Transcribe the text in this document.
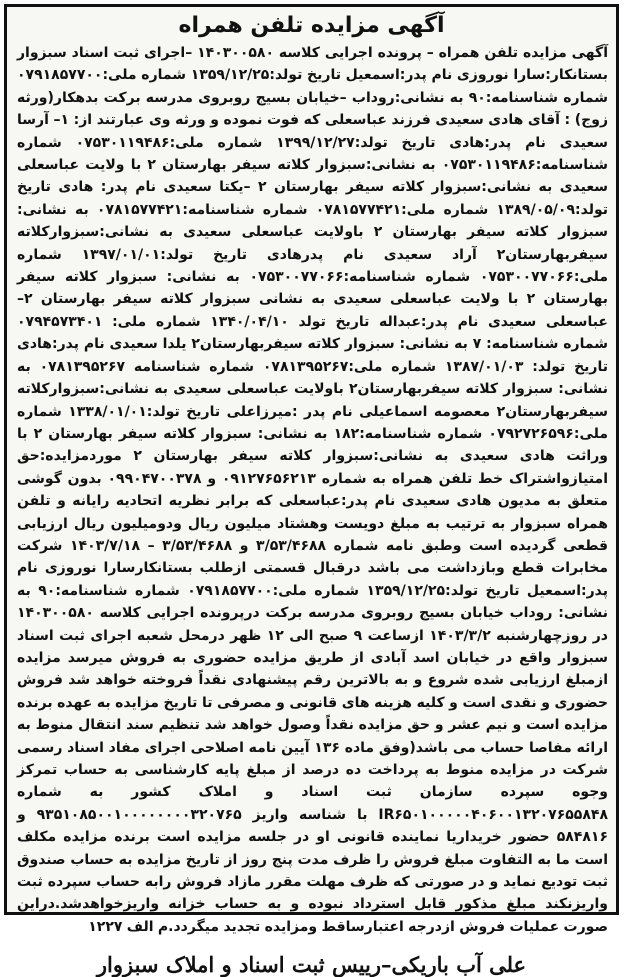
آگهی مزایده تلفن همراه
آگهی مزایده تلفن همراه – پرونده اجرایی کلاسه ۱۴۰۳۰۰۵۸۰ –اجرای ثبت اسناد سبزوار بستانکار:سارا نوروزی نام پدر:اسمعیل تاریخ تولد:۱۳۵۹/۱۲/۲۵ شماره ملی:۰۷۹۱۸۵۷۷۰۰ شماره شناسنامه:۹۰ به نشانی:روداب –خیابان بسیج روبروی مدرسه برکت بدهکار(ورثه زوج) : آقای هادی سعیدی فرزند عباسعلی که فوت نموده و ورثه وی عبارتند از: ۱– آرسا سعیدی نام پدر:هادی تاریخ تولد:۱۳۹۹/۱۲/۲۷ شماره ملی:۰۷۵۳۰۱۱۹۴۸۶ شماره شناسنامه:۰۷۵۳۰۱۱۹۴۸۶ به نشانی:سبزوار کلاته سیفر بهارستان ۲ با ولایت عباسعلی سعیدی به نشانی:سبزوار کلاته سیفر بهارستان ۲ –یکتا سعیدی نام پدر: هادی تاریخ تولد:۱۳۸۹/۰۵/۰۹ شماره ملی:۰۷۸۱۵۷۷۴۲۱ شماره شناسنامه:۰۷۸۱۵۷۷۴۲۱ به نشانی: سبزوار کلاته سیفر بهارستان ۲ باولایت عباسعلی سعیدی به نشانی:سبزوارکلاته سیفربهارستان۲ آراد سعیدی نام پدرهادی تاریخ تولد:۱۳۹۷/۰۱/۰۱ شماره ملی:۰۷۵۳۰۰۷۷۰۶۶ شماره شناسنامه:۰۷۵۳۰۰۷۷۰۶۶ به نشانی: سبزوار کلاته سیفر بهارستان ۲ با ولایت عباسعلی سعیدی به نشانی سبزوار کلاته سیفر بهارستان ۲– عباسعلی سعیدی نام پدر:عبداله تاریخ تولد ۱۳۴۰/۰۴/۱۰ شماره ملی: ۰۷۹۴۵۷۳۴۰۱ شماره شناسنامه: ۷ به نشانی: سبزوار کلاته سیفربهارستان۲ یلدا سعیدی نام پدر:هادی تاریخ تولد: ۱۳۸۷/۰۱/۰۳ شماره ملی:۰۷۸۱۳۹۵۲۶۷ شماره شناسنامه ۰۷۸۱۳۹۵۲۶۷ به نشانی: سبزوار کلاته سیفربهارستان۲ باولایت عباسعلی سعیدی به نشانی:سبزوارکلاته سیفربهارستان۲ معصومه اسماعیلی نام پدر :میرزاعلی تاریخ تولد:۱۳۳۸/۰۱/۰۱ شماره ملی:۰۷۹۲۷۲۶۵۹۶ شماره شناسنامه:۱۸۲ به نشانی: سبزوار کلاته سیفر بهارستان ۲ با وراثت هادی سعیدی به نشانی:سبزوار کلاته سیفر بهارستان ۲ موردمزایده:حق امتیازواشتراک خط تلفن همراه به شماره ۰۹۱۲۷۶۵۶۲۱۳ و ۰۹۹۰۴۷۰۰۳۷۸ بدون گوشی متعلق به مدیون هادی سعیدی نام پدر:عباسعلی که برابر نظریه اتحادیه رایانه و تلفن همراه سبزوار به ترتیب به مبلغ دویست وهشتاد میلیون ریال ودومیلیون ریال ارزیابی قطعی گردیده است وطبق نامه شماره ۳/۵۳/۴۶۸۸ و ۳/۵۳/۴۶۸۸ – ۱۴۰۳/۷/۱۸ شرکت مخابرات قطع وبازداشت می باشد درقبال قسمتی ازطلب بستانکارسارا نوروزی نام پدر:اسمعیل تاریخ تولد:۱۳۵۹/۱۲/۲۵ شماره ملی:۰۷۹۱۸۵۷۷۰۰ شماره شناسنامه:۹۰ به نشانی: روداب خیابان بسیج روبروی مدرسه برکت درپرونده اجرایی کلاسه ۱۴۰۳۰۰۵۸۰ در روزچهارشنبه ۱۴۰۳/۳/۲ ازساعت ۹ صبح الی ۱۲ ظهر درمحل شعبه اجرای ثبت اسناد سبزوار واقع در خیابان اسد آبادی از طریق مزایده حضوری به فروش میرسد مزایده ازمبلغ ارزیابی شده شروع و به بالاترین رقم پیشنهادی نقداً فروخته خواهد شد فروش حضوری و نقدی است و کلیه هزینه های قانونی و مصرفی تا تاریخ مزایده به عهده برنده مزایده است و نیم عشر و حق مزایده نقداً وصول خواهد شد تنظیم سند انتقال منوط به ارائه مفاصا حساب می باشد(وفق ماده ۱۳۶ آیین نامه اصلاحی اجرای مفاد اسناد رسمی شرکت در مزایده منوط به پرداخت ده درصد از مبلغ پایه کارشناسی به حساب تمرکز وجوه سپرده سازمان ثبت اسناد و املاک کشور به شماره IR۶۵۰۱۰۰۰۰۰۴۰۶۰۰۱۳۲۰۷۶۵۵۸۴۸ با شناسه واریز ۹۳۵۱۰۸۵۰۰۱۰۰۰۰۰۰۰۰۳۲۰۷۶۵ و ۵۸۴۸۱۶ حضور خریداریا نماینده قانونی او در جلسه مزایده است برنده مزایده مکلف است ما به التفاوت مبلغ فروش را ظرف مدت پنج روز از تاریخ مزایده به حساب صندوق ثبت تودیع نماید و در صورتی که ظرف مهلت مقرر مازاد فروش رابه حساب سپرده ثبت واریزنکند مبلغ مذکور قابل استرداد نبوده و به حساب خزانه واریزخواهدشد.دراین صورت عملیات فروش ازدرجه اعتبارساقط ومزایده تجدید میگردد.م الف ۱۲۲۷
علی آب باریکی–رییس ثبت اسناد و املاک سبزوار
